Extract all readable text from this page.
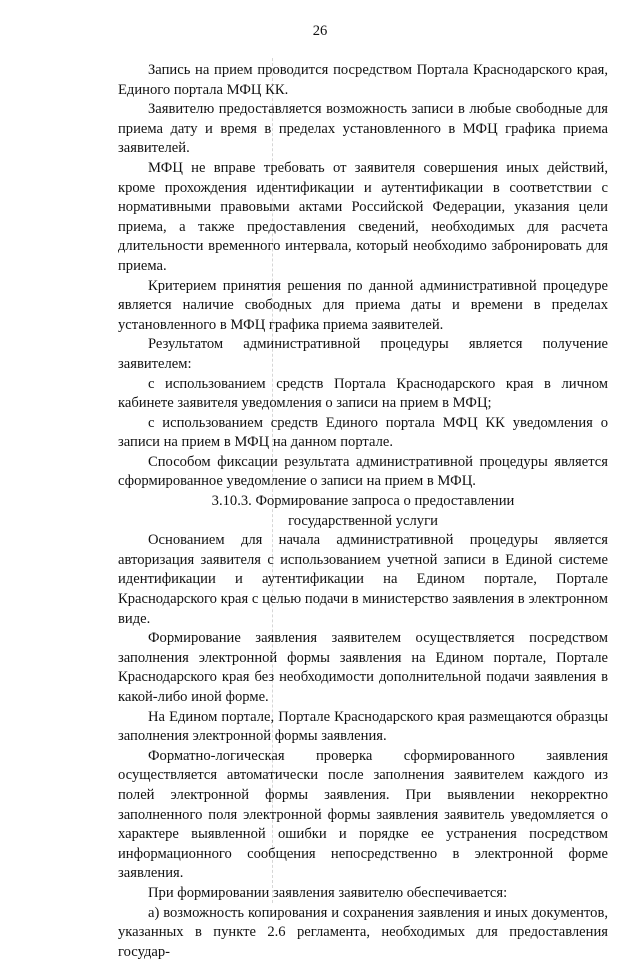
26

Запись на прием проводится посредством Портала Краснодарского края, Единого портала МФЦ КК.

Заявителю предоставляется возможность записи в любые свободные для приема дату и время в пределах установленного в МФЦ графика приема заявителей.

МФЦ не вправе требовать от заявителя совершения иных действий, кроме прохождения идентификации и аутентификации в соответствии с нормативными правовыми актами Российской Федерации, указания цели приема, а также предоставления сведений, необходимых для расчета длительности временного интервала, который необходимо забронировать для приема.

Критерием принятия решения по данной административной процедуре является наличие свободных для приема даты и времени в пределах установленного в МФЦ графика приема заявителей.

Результатом административной процедуры является получение заявителем:

с использованием средств Портала Краснодарского края в личном кабинете заявителя уведомления о записи на прием в МФЦ;

с использованием средств Единого портала МФЦ КК уведомления о записи на прием в МФЦ на данном портале.

Способом фиксации результата административной процедуры является сформированное уведомление о записи на прием в МФЦ.

3.10.3. Формирование запроса о предоставлении
государственной услуги

Основанием для начала административной процедуры является авторизация заявителя с использованием учетной записи в Единой системе идентификации и аутентификации на Едином портале, Портале Краснодарского края с целью подачи в министерство заявления в электронном виде.

Формирование заявления заявителем осуществляется посредством заполнения электронной формы заявления на Едином портале, Портале Краснодарского края без необходимости дополнительной подачи заявления в какой-либо иной форме.

На Едином портале, Портале Краснодарского края размещаются образцы заполнения электронной формы заявления.

Форматно-логическая проверка сформированного заявления осуществляется автоматически после заполнения заявителем каждого из полей электронной формы заявления. При выявлении некорректно заполненного поля электронной формы заявления заявитель уведомляется о характере выявленной ошибки и порядке ее устранения посредством информационного сообщения непосредственно в электронной форме заявления.

При формировании заявления заявителю обеспечивается:

а) возможность копирования и сохранения заявления и иных документов, указанных в пункте 2.6 регламента, необходимых для предоставления государ-
